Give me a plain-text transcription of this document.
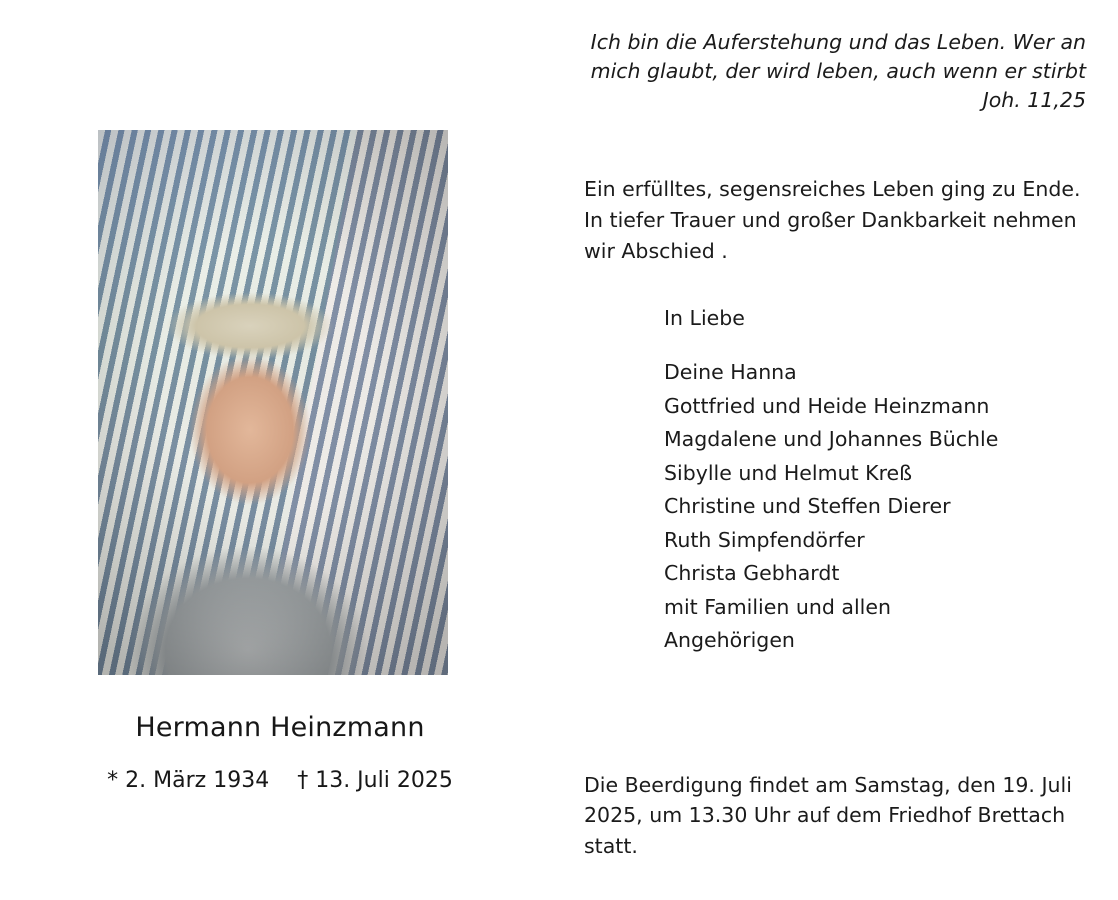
Hermann Heinzmann
* 2. März 1934 † 13. Juli 2025
Ich bin die Auferstehung und das Leben. Wer an mich glaubt, der wird leben, auch wenn er stirbt
Joh. 11,25
Ein erfülltes, segensreiches Leben ging zu Ende. In tiefer Trauer und großer Dankbarkeit nehmen wir Abschied .
In Liebe
Deine Hanna
Gottfried und Heide Heinzmann
Magdalene und Johannes Büchle
Sibylle und Helmut Kreß
Christine und Steffen Dierer
Ruth Simpfendörfer
Christa Gebhardt
mit Familien und allen
Angehörigen
Die Beerdigung findet am Samstag, den 19. Juli 2025, um 13.30 Uhr auf dem Friedhof Brettach statt.
